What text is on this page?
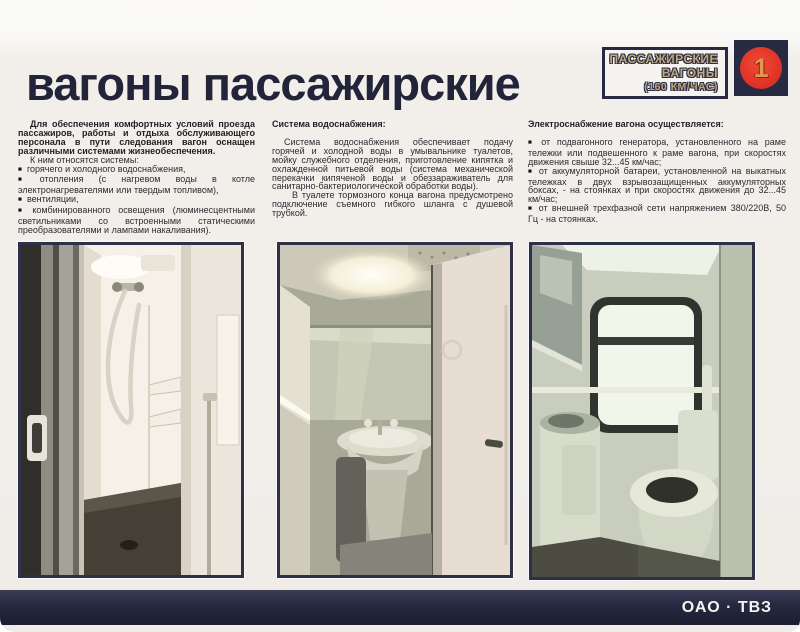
вагоны пассажирские	ПАССАЖИРСКИЕ
ВАГОНЫ
(160 КМ/ЧАС)
1

Для обеспечения комфортных условий проезда пассажиров, работы и отдыха обслуживающего персонала в пути следования вагон оснащен различными системами жизнеобеспечения.

К ним относятся системы:

■ горячего и холодного водоснабжения,

■ отопления (с нагревом воды в котле электронагревателями или твердым топливом),

■ вентиляции,

■ комбинированного освещения (люминесцентными светильниками со встроенными статическими преобразователями и лампами накаливания).

Система водоснабжения:

Система водоснабжения обеспечивает подачу горячей и холодной воды в умывальнике туалетов, мойку служебного отделения, приготовление кипятка и охлажденной питьевой воды (система механической перекачки кипяченой воды и обеззараживатель для санитарно-бактериологической обработки воды).

В туалете тормозного конца вагона предусмотрено подключение съемного гибкого шланга с душевой трубкой.

Электроснабжение вагона осуществляется:

■ от подвагонного генератора, установленного на раме тележки или подвешенного к раме вагона, при скоростях движения свыше 32...45 км/час;

■ от аккумуляторной батареи, установленной на выкатных тележках в двух взрывозащищенных аккумуляторных боксах, - на стоянках и при скоростях движения до 32...45 км/час;

■ от внешней трехфазной сети напряжением 380/220В, 50 Гц - на стоянках.

ОАО · ТВЗ
